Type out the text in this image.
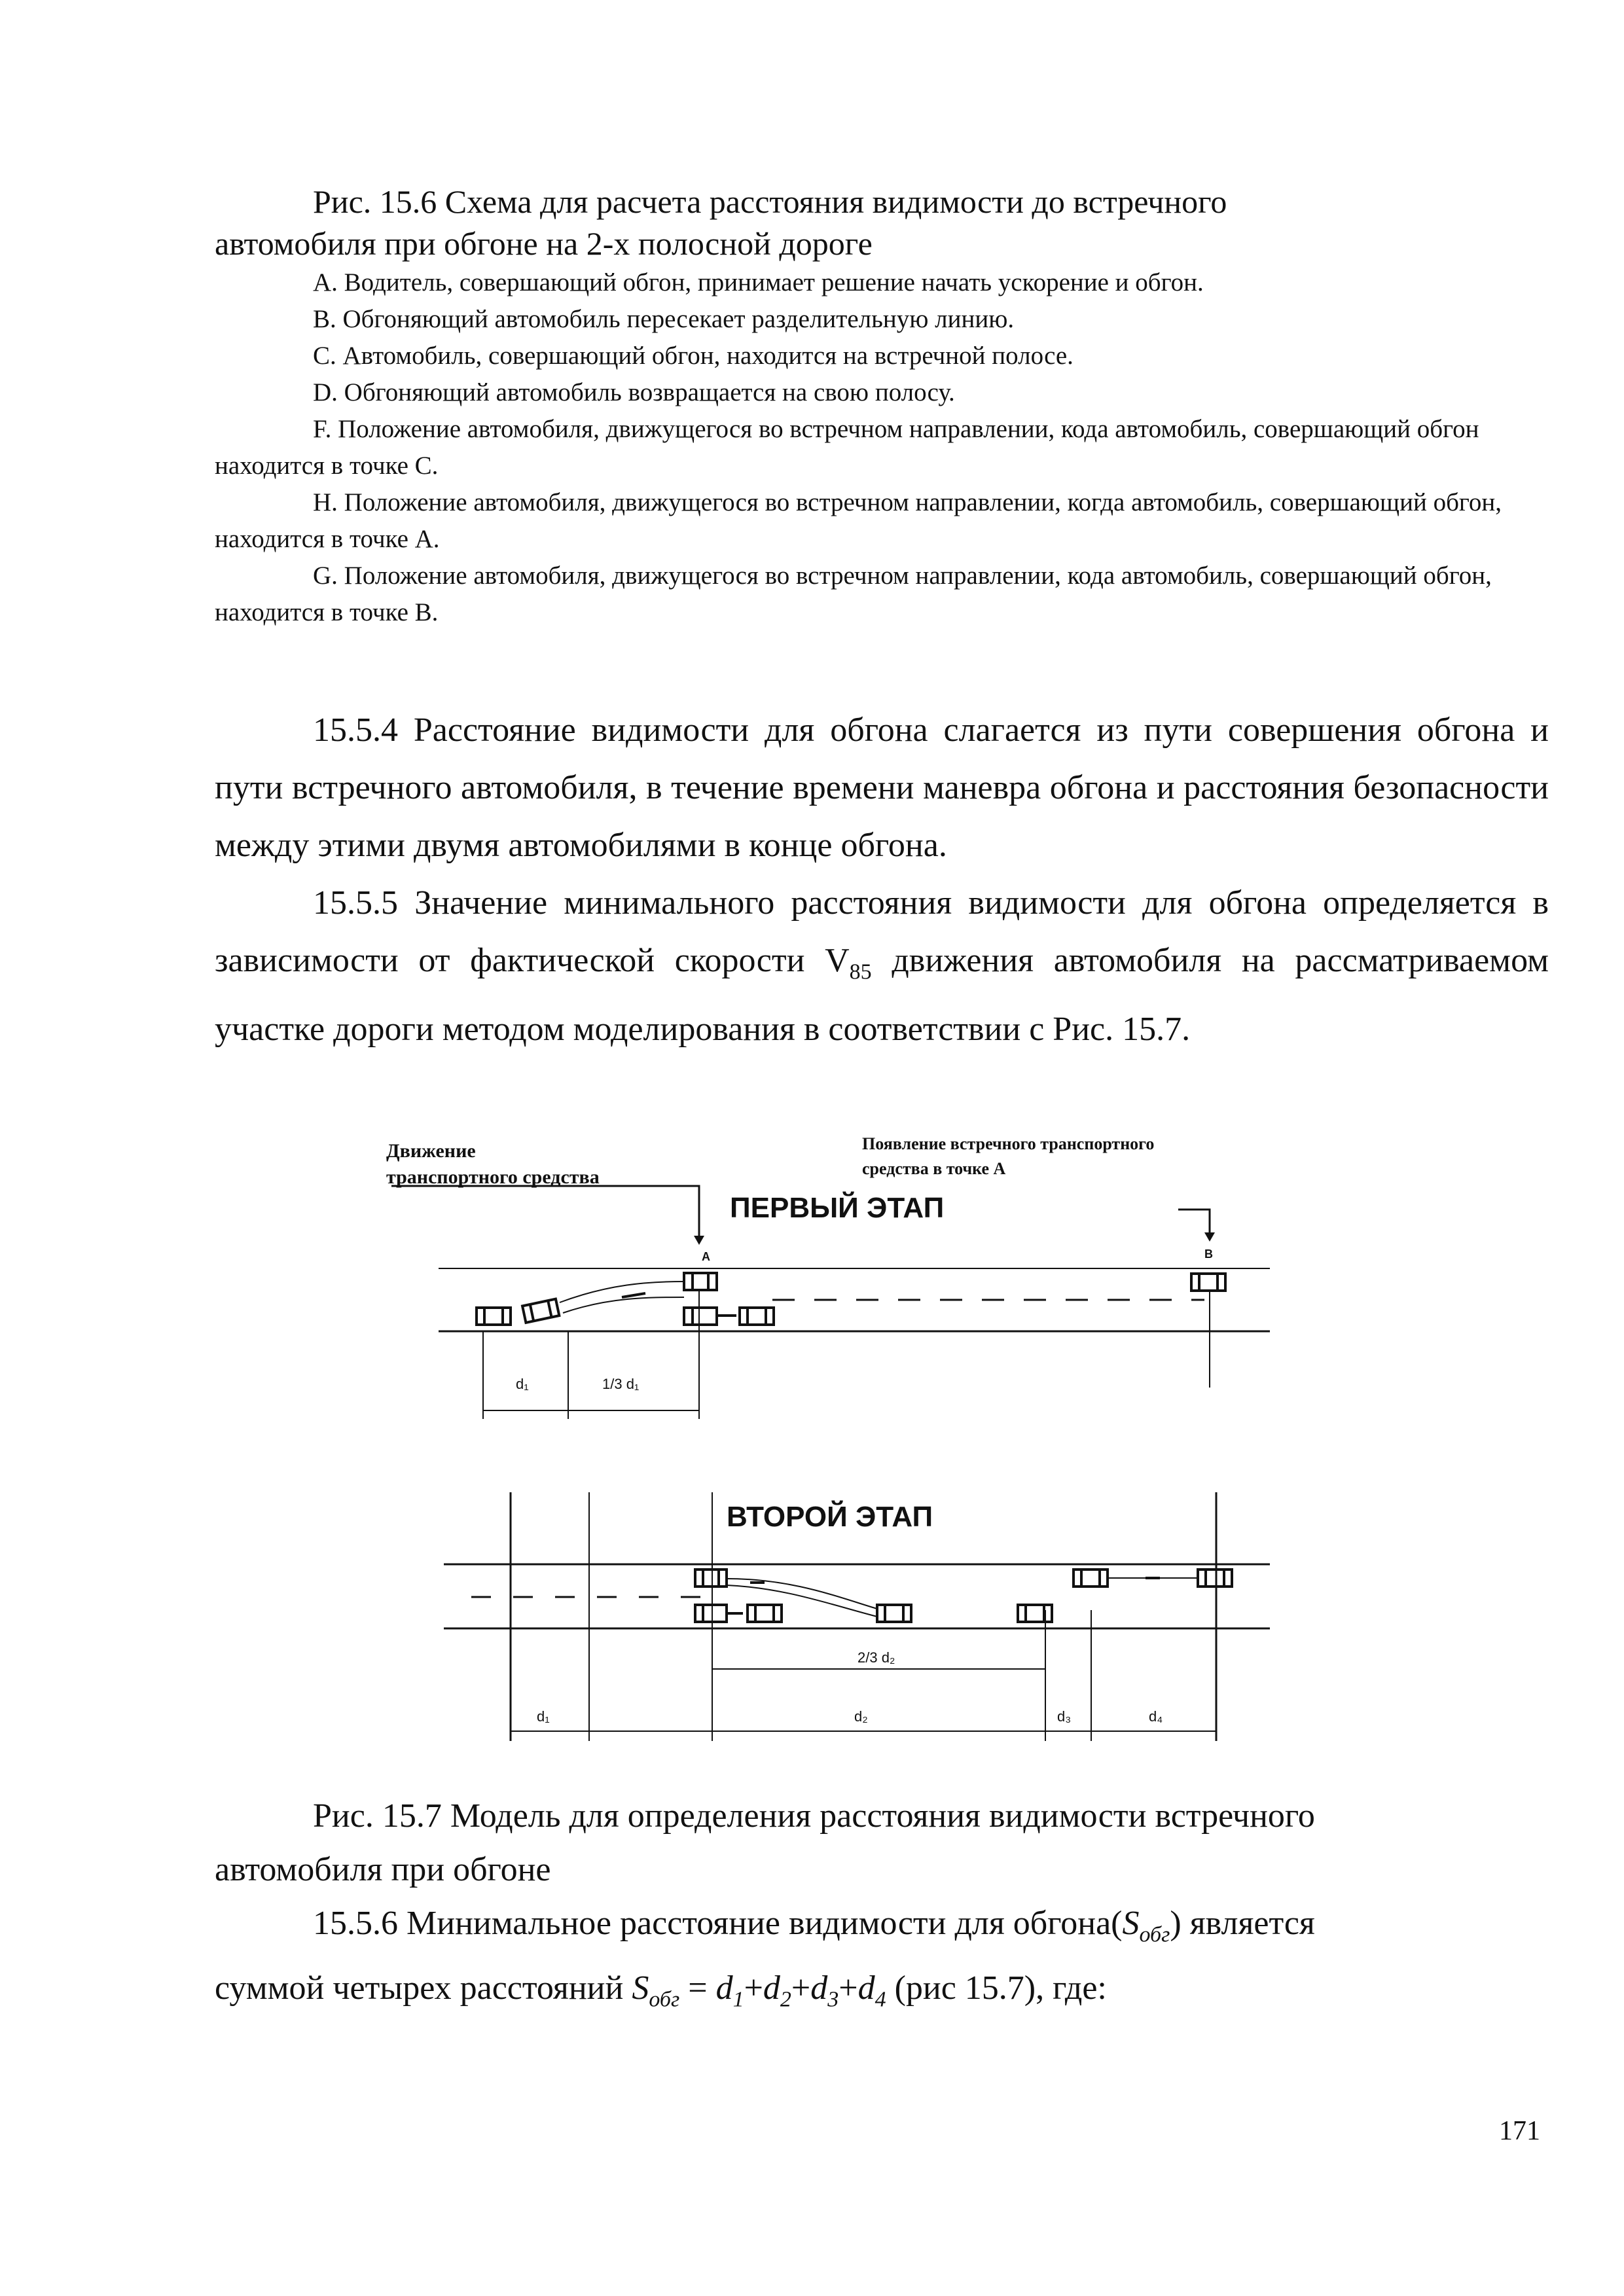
Рис. 15.6 Схема для расчета расстояния видимости до встречного
автомобиля при обгоне на 2-х полосной дороге

А. Водитель, совершающий обгон, принимает решение начать ускорение и обгон.

В. Обгоняющий автомобиль пересекает разделительную линию.

С. Автомобиль, совершающий обгон, находится на встречной полосе.

D. Обгоняющий автомобиль возвращается на свою полосу.

F. Положение автомобиля, движущегося во встречном направлении, кода автомобиль, совершающий обгон находится в точке С.

Н. Положение автомобиля, движущегося во встречном направлении, когда автомобиль, совершающий обгон, находится в точке А.

G. Положение автомобиля, движущегося во встречном направлении, кода автомобиль, совершающий обгон, находится в точке В.

15.5.4 Расстояние видимости для обгона слагается из пути совершения обгона и пути встречного автомобиля, в течение времени маневра обгона и расстояния безопасности между этими двумя автомобилями в конце обгона.

15.5.5 Значение минимального расстояния видимости для обгона определяется в зависимости от фактической скорости $V_{85}$ движения автомобиля на рассматриваемом участке дороги методом моделирования в соответствии с Рис. 15.7.

Движение
транспортного средства
Появление встречного транспортного
средства в точке А
ПЕРВЫЙ ЭТАП
A	B
d₁	1/3 d₁
ВТОРОЙ ЭТАП
2/3 d₂
d₁	d₂	d₃	d₄

Рис. 15.7 Модель для определения расстояния видимости встречного

автомобиля при обгоне

15.5.6 Минимальное расстояние видимости для $обгона(S_{обг})$ является

суммой четырех расстояний $S_{обг} = d_1+d_2+d_3+d_4$ (рис 15.7), где:

171
